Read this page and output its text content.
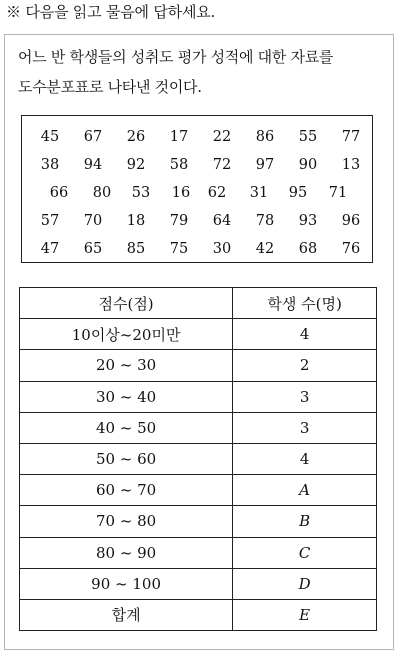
※ 다음을 읽고 물음에 답하세요.
어느 반 학생들의 성취도 평가 성적에 대한 자료를
도수분포표로 나타낸 것이다.
45	67	26	17	22	86	55	77
38	94	92	58	72	97	90	13
66	80	53	16	62	31	95	71
57	70	18	79	64	78	93	96
47	65	85	75	30	42	68	76
점수(점)	학생 수(명)
10이상~20미만	4
20 ~ 30	2
30 ~ 40	3
40 ~ 50	3
50 ~ 60	4
60 ~ 70	A
70 ~ 80	B
80 ~ 90	C
90 ~ 100	D
합계	E
